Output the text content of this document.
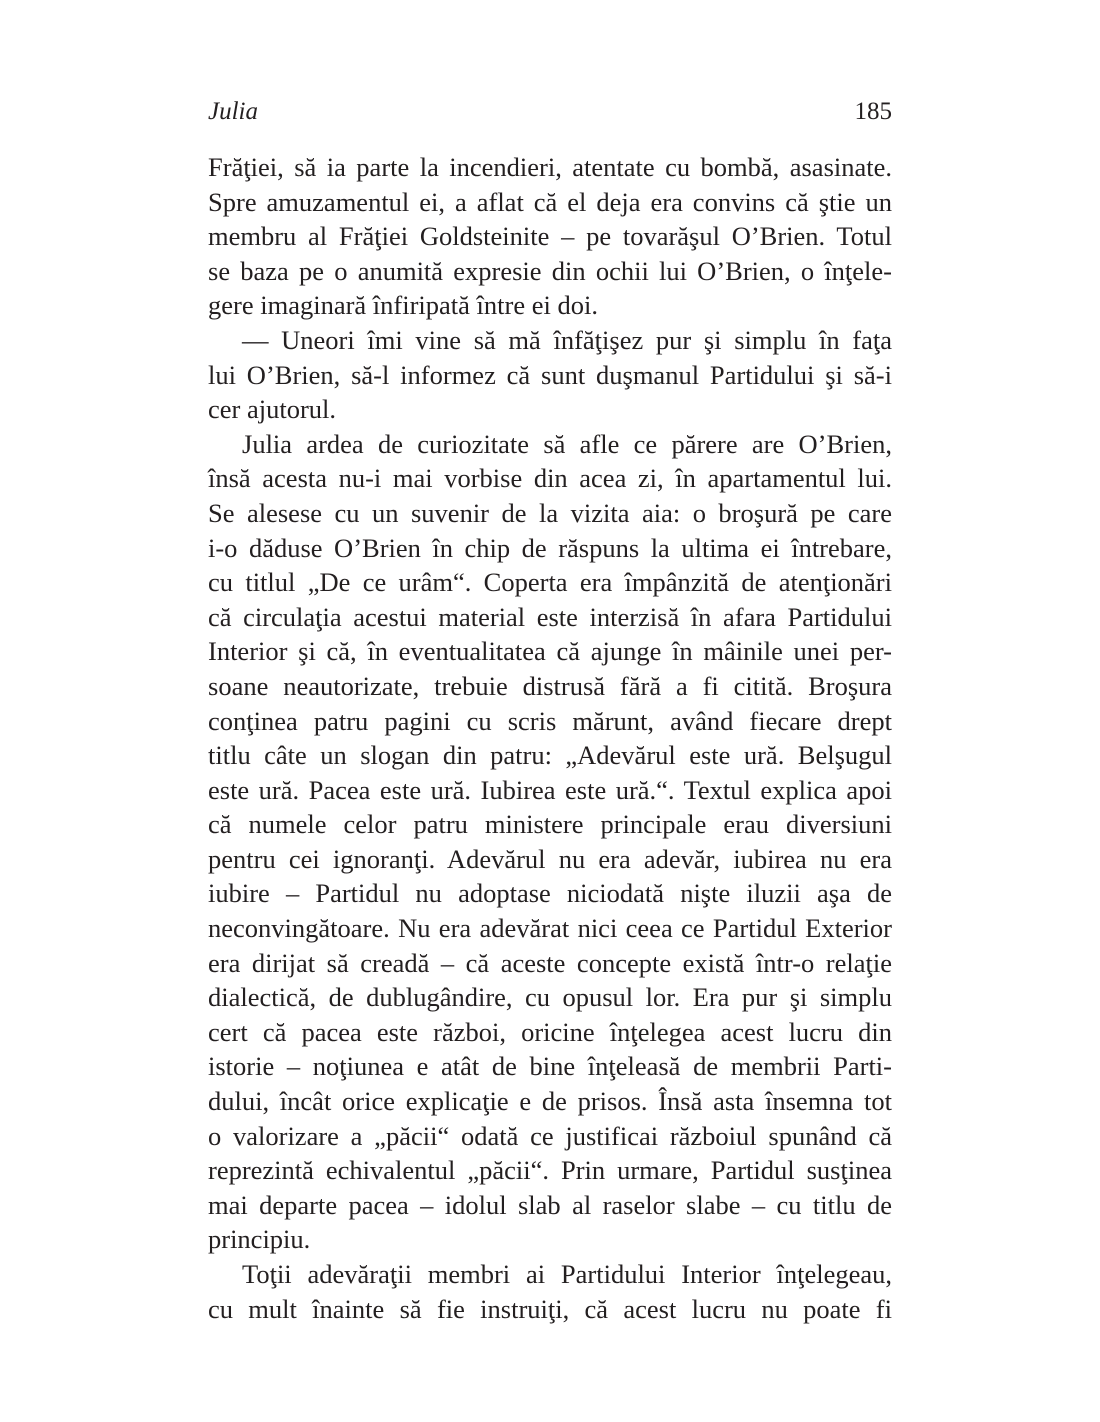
Julia	185
Frăţiei, să ia parte la incendieri, atentate cu bombă, asasinate.
Spre amuzamentul ei, a aflat că el deja era convins că ştie un
membru al Frăţiei Goldsteinite – pe tovarăşul O’Brien. Totul
se baza pe o anumită expresie din ochii lui O’Brien, o înţele-
gere imaginară înfiripată între ei doi.
— Uneori îmi vine să mă înfăţişez pur şi simplu în faţa
lui O’Brien, să-l informez că sunt duşmanul Partidului şi să-i
cer ajutorul.
Julia ardea de curiozitate să afle ce părere are O’Brien,
însă acesta nu-i mai vorbise din acea zi, în apartamentul lui.
Se alesese cu un suvenir de la vizita aia: o broşură pe care
i-o dăduse O’Brien în chip de răspuns la ultima ei întrebare,
cu titlul „De ce urâm“. Coperta era împânzită de atenţionări
că circulaţia acestui material este interzisă în afara Partidului
Interior şi că, în eventualitatea că ajunge în mâinile unei per-
soane neautorizate, trebuie distrusă fără a fi citită. Broşura
conţinea patru pagini cu scris mărunt, având fiecare drept
titlu câte un slogan din patru: „Adevărul este ură. Belşugul
este ură. Pacea este ură. Iubirea este ură.“. Textul explica apoi
că numele celor patru ministere principale erau diversiuni
pentru cei ignoranţi. Adevărul nu era adevăr, iubirea nu era
iubire – Partidul nu adoptase niciodată nişte iluzii aşa de
neconvingătoare. Nu era adevărat nici ceea ce Partidul Exterior
era dirijat să creadă – că aceste concepte există într-o relaţie
dialectică, de dublugândire, cu opusul lor. Era pur şi simplu
cert că pacea este război, oricine înţelegea acest lucru din
istorie – noţiunea e atât de bine înţeleasă de membrii Parti-
dului, încât orice explicaţie e de prisos. Însă asta însemna tot
o valorizare a „păcii“ odată ce justificai războiul spunând că
reprezintă echivalentul „păcii“. Prin urmare, Partidul susţinea
mai departe pacea – idolul slab al raselor slabe – cu titlu de
principiu.
Toţii adevăraţii membri ai Partidului Interior înţelegeau,
cu mult înainte să fie instruiţi, că acest lucru nu poate fi
